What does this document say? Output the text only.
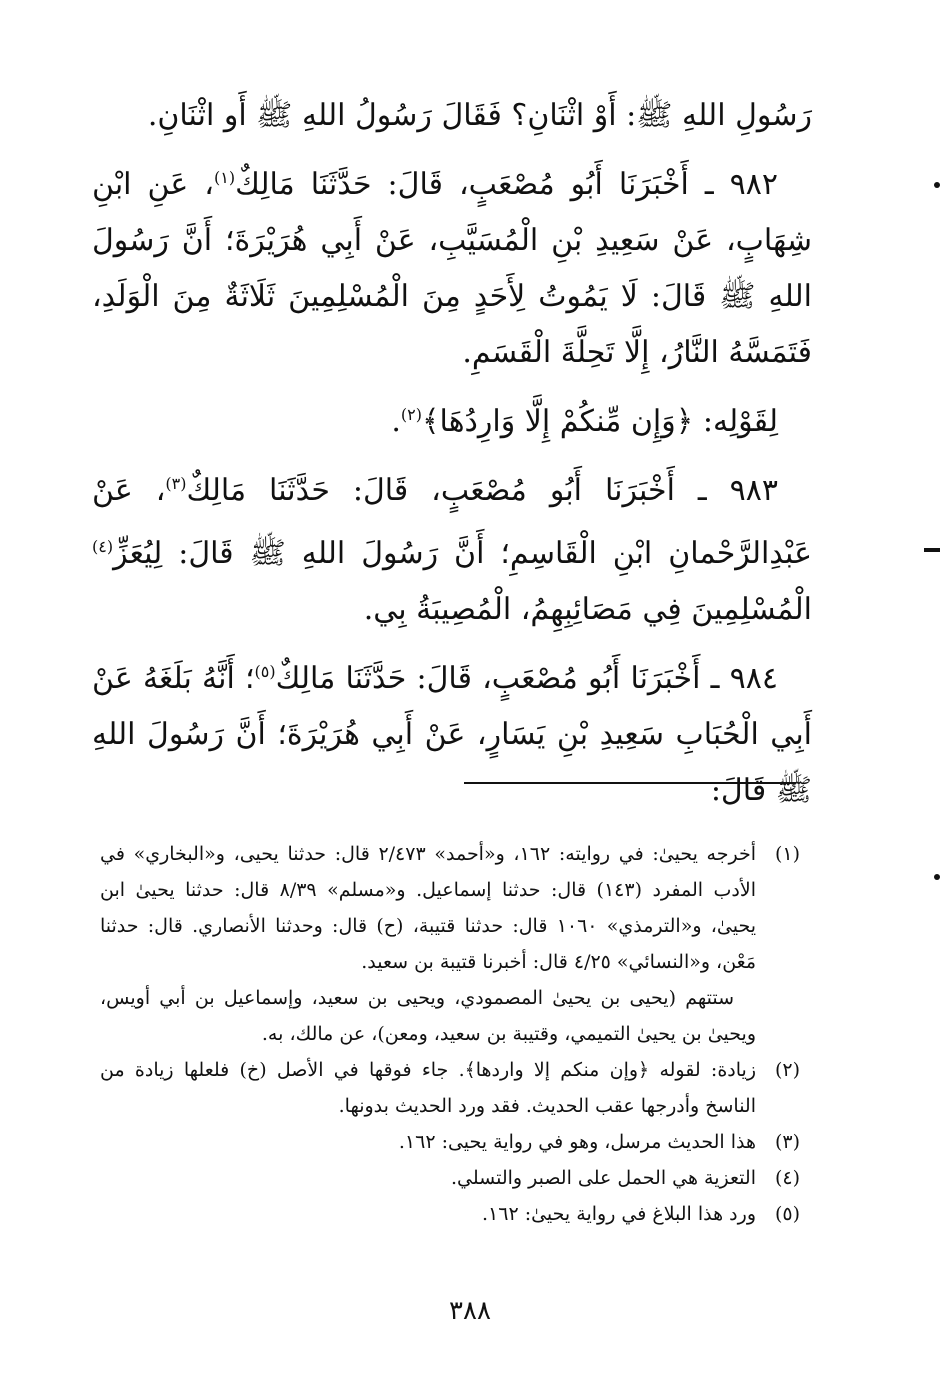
رَسُولِ اللهِ ﷺ: أَوْ اثْنَانِ؟ فَقَالَ رَسُولُ اللهِ ﷺ أَو اثْنَانِ.

٩٨٢ ـ أَخْبَرَنَا أَبُو مُصْعَبٍ، قَالَ: حَدَّثَنَا مَالِكٌ$^{(١)}$، عَنِ ابْنِ شِهَابٍ، عَنْ سَعِيدِ بْنِ الْمُسَيَّبِ، عَنْ أَبِي هُرَيْرَةَ؛ أَنَّ رَسُولَ اللهِ ﷺ قَالَ: لَا يَمُوتُ لِأَحَدٍ مِنَ الْمُسْلِمِينَ ثَلَاثَةٌ مِنَ الْوَلَدِ، فَتَمَسَّهُ النَّارُ، إِلَّا تَحِلَّةَ الْقَسَمِ.

لِقَوْلِه: ﴿وَإِن مِّنكُمْ إِلَّا وَارِدُهَا﴾$^{(٢)}$.

٩٨٣ ـ أَخْبَرَنَا أَبُو مُصْعَبٍ، قَالَ: حَدَّثَنَا مَالِكٌ$^{(٣)}$، عَنْ عَبْدِالرَّحْمانِ ابْنِ الْقَاسِمِ؛ أَنَّ رَسُولَ اللهِ ﷺ قَالَ: لِيُعَزِّ$^{(٤)}$ الْمُسْلِمِينَ فِي مَصَائِبِهِمُ، الْمُصِيبَةُ بِي.

٩٨٤ ـ أَخْبَرَنَا أَبُو مُصْعَبٍ، قَالَ: حَدَّثَنَا مَالِكٌ$^{(٥)}$؛ أَنَّهُ بَلَغَهُ عَنْ أَبِي الْحُبَابِ سَعِيدِ بْنِ يَسَارٍ، عَنْ أَبِي هُرَيْرَةَ؛ أَنَّ رَسُولَ اللهِ ﷺ قَالَ:

(١)
أخرجه يحيىٰ: في روايته: ١٦٢، و«أحمد» ٢/٤٧٣ قال: حدثنا يحيى، و«البخاري» في الأدب المفرد (١٤٣) قال: حدثنا إسماعيل. و«مسلم» ٨/٣٩ قال: حدثنا يحيىٰ ابن يحيىٰ، و«الترمذي» ١٠٦٠ قال: حدثنا قتيبة، (ح) قال: وحدثنا الأنصاري. قال: حدثنا مَعْن، و«النسائي» ٤/٢٥ قال: أخبرنا قتيبة بن سعيد.

ستتهم (يحيى بن يحيىٰ المصمودي، ويحيى بن سعيد، وإسماعيل بن أبي أويس، ويحيىٰ بن يحيىٰ التميمي، وقتيبة بن سعيد، ومعن)، عن مالك، به.

(٢)
زيادة: لقوله ﴿وإن منكم إلا واردها﴾. جاء فوقها في الأصل (خ) فلعلها زيادة من الناسخ وأدرجها عقب الحديث. فقد ورد الحديث بدونها.
(٣)
هذا الحديث مرسل، وهو في رواية يحيى: ١٦٢.
(٤)
التعزية هي الحمل على الصبر والتسلي.
(٥)
ورد هذا البلاغ في رواية يحيىٰ: ١٦٢.
٣٨٨
